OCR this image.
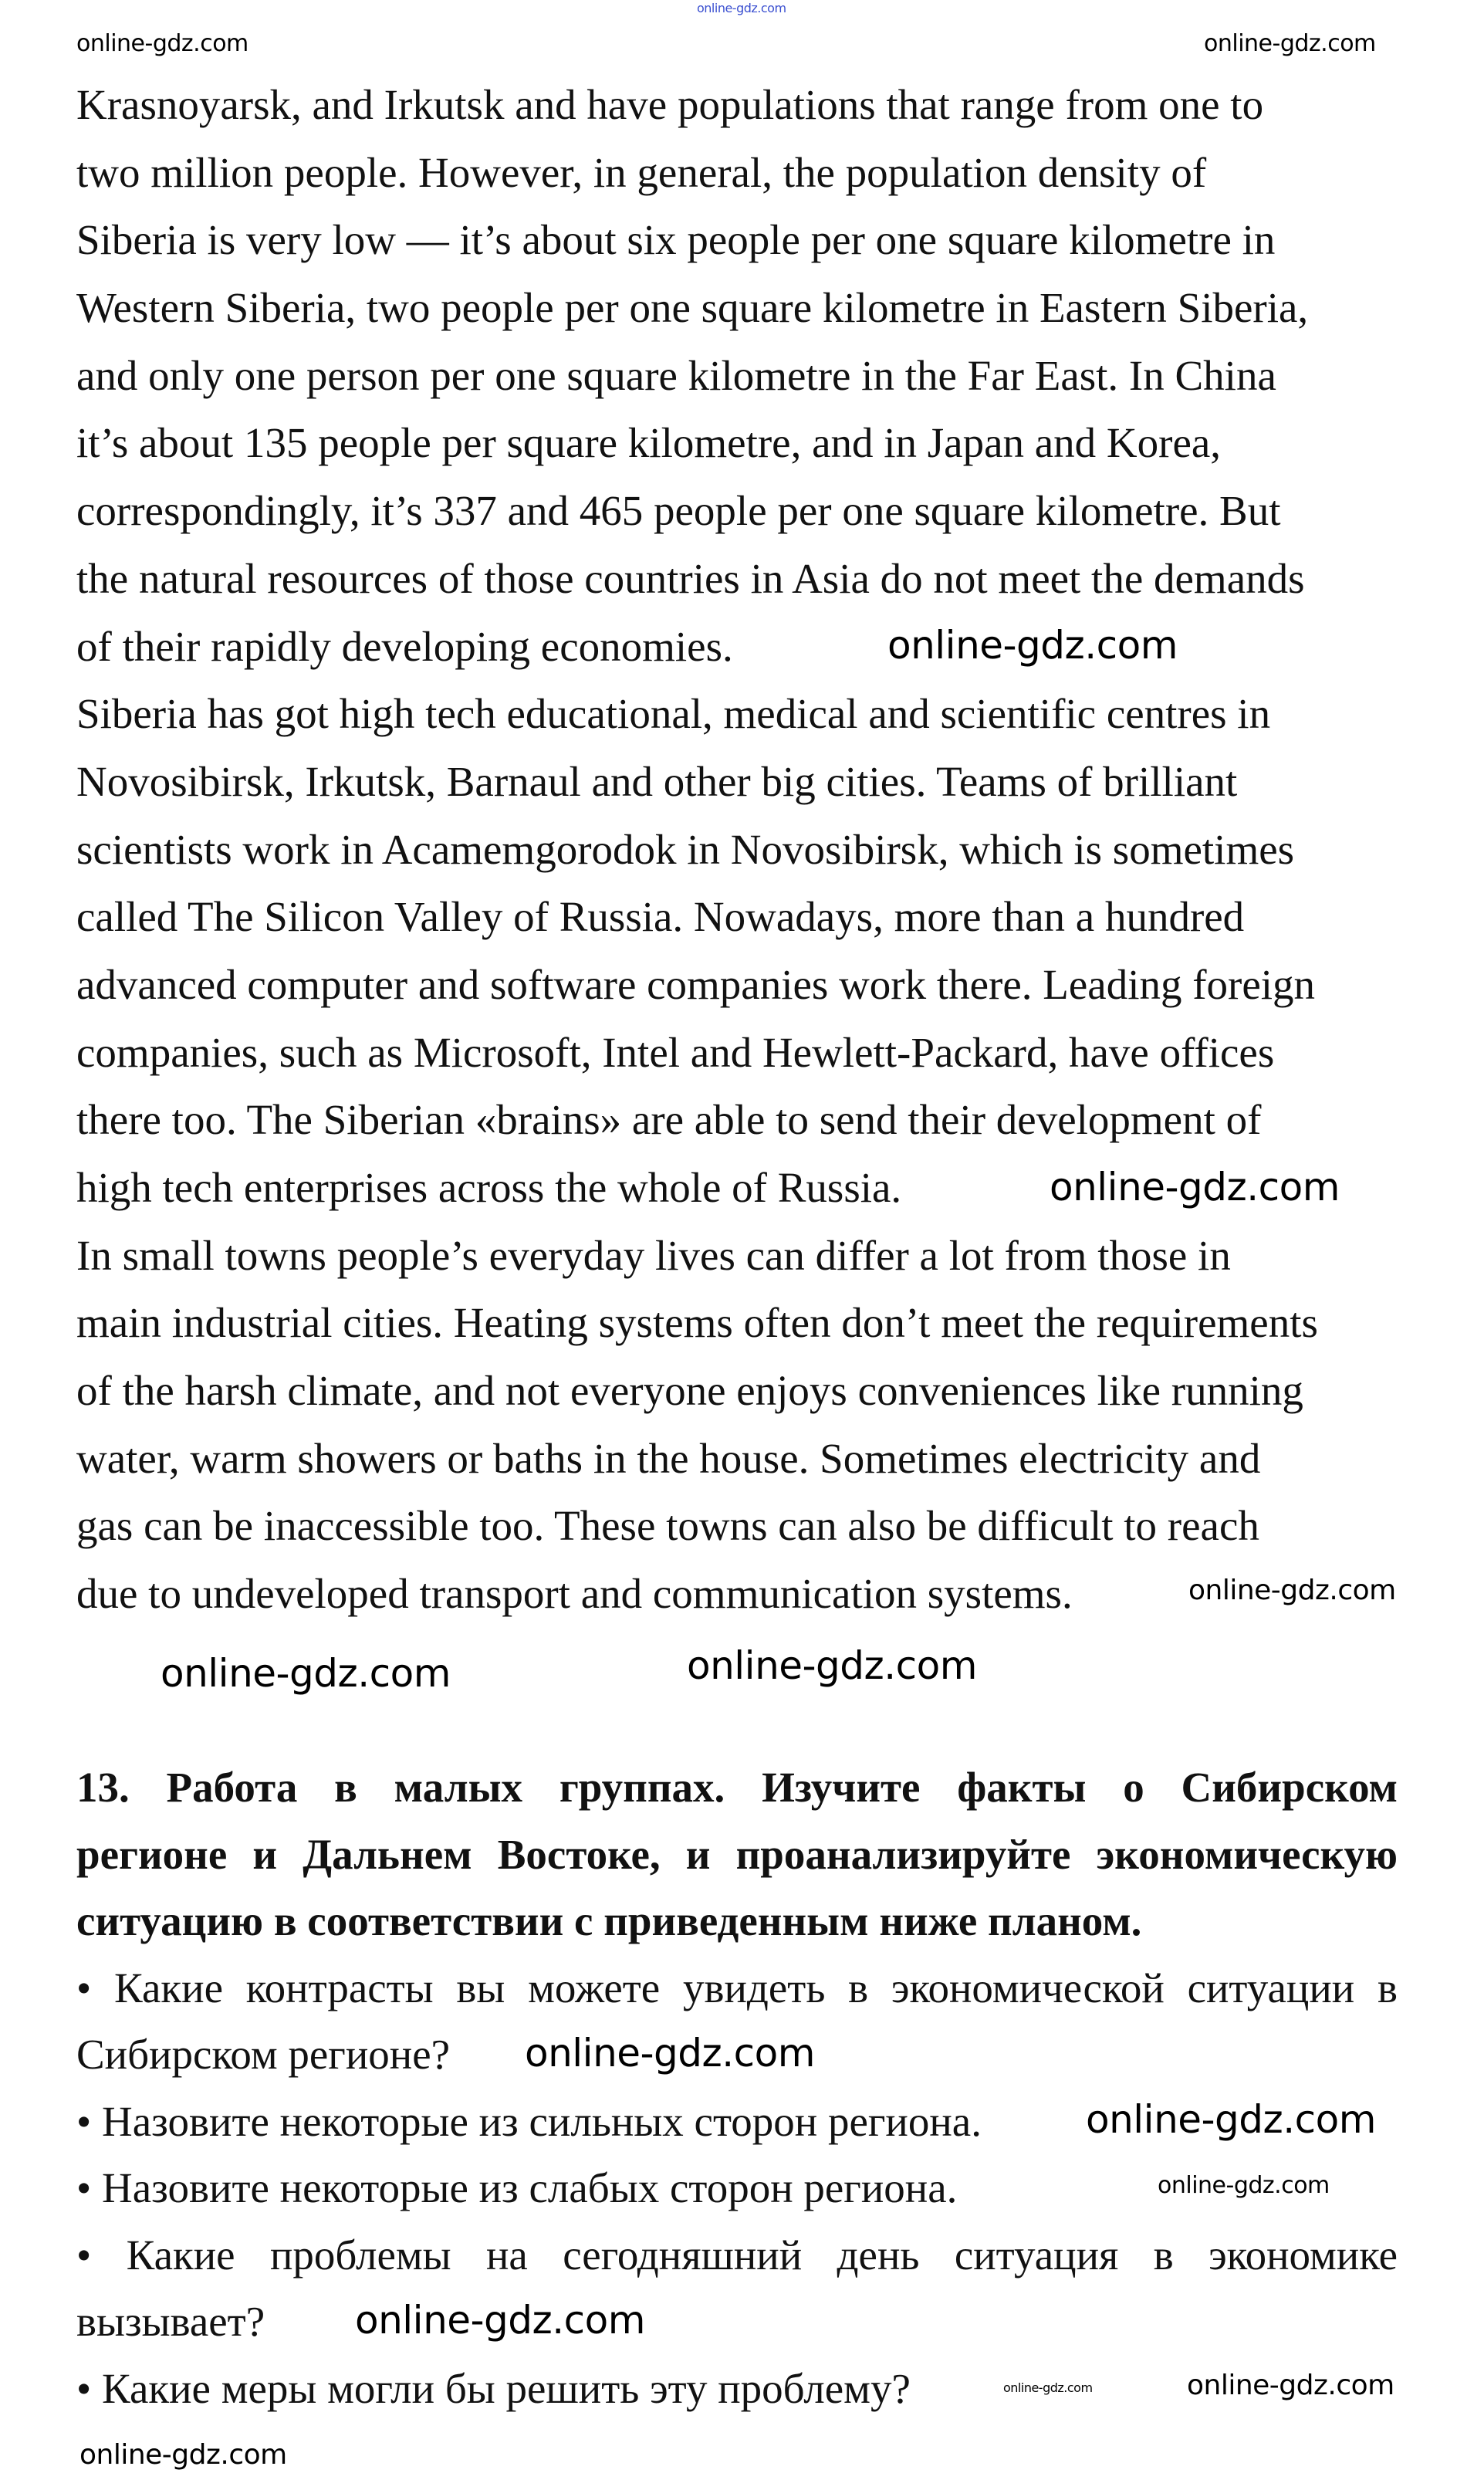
Krasnoyarsk, and Irkutsk and have populations that range from one to
two million people. However, in general, the population density of
Siberia is very low — it’s about six people per one square kilometre in
Western Siberia, two people per one square kilometre in Eastern Siberia,
and only one person per one square kilometre in the Far East. In China
it’s about 135 people per square kilometre, and in Japan and Korea,
correspondingly, it’s 337 and 465 people per one square kilometre. But
the natural resources of those countries in Asia do not meet the demands
of their rapidly developing economies.
Siberia has got high tech educational, medical and scientific centres in
Novosibirsk, Irkutsk, Barnaul and other big cities. Teams of brilliant
scientists work in Acamemgorodok in Novosibirsk, which is sometimes
called The Silicon Valley of Russia. Nowadays, more than a hundred
advanced computer and software companies work there. Leading foreign
companies, such as Microsoft, Intel and Hewlett-Packard, have offices
there too. The Siberian «brains» are able to send their development of
high tech enterprises across the whole of Russia.
In small towns people’s everyday lives can differ a lot from those in
main industrial cities. Heating systems often don’t meet the requirements
of the harsh climate, and not everyone enjoys conveniences like running
water, warm showers or baths in the house. Sometimes electricity and
gas can be inaccessible too. These towns can also be difficult to reach
due to undeveloped transport and communication systems.
13. Работа в малых группах. Изучите факты о Сибирском
регионе и Дальнем Востоке, и проанализируйте экономическую
ситуацию в соответствии с приведенным ниже планом.
• Какие контрасты вы можете увидеть в экономической ситуации в
Сибирском регионе?
• Назовите некоторые из сильных сторон региона.
• Назовите некоторые из слабых сторон региона.
• Какие проблемы на сегодняшний день ситуация в экономике
вызывает?
• Какие меры могли бы решить эту проблему?
online-gdz.com
online-gdz.com	online-gdz.com
online-gdz.com
online-gdz.com
online-gdz.com
online-gdz.com	online-gdz.com
online-gdz.com
online-gdz.com
online-gdz.com
online-gdz.com
online-gdz.com	online-gdz.com
online-gdz.com
